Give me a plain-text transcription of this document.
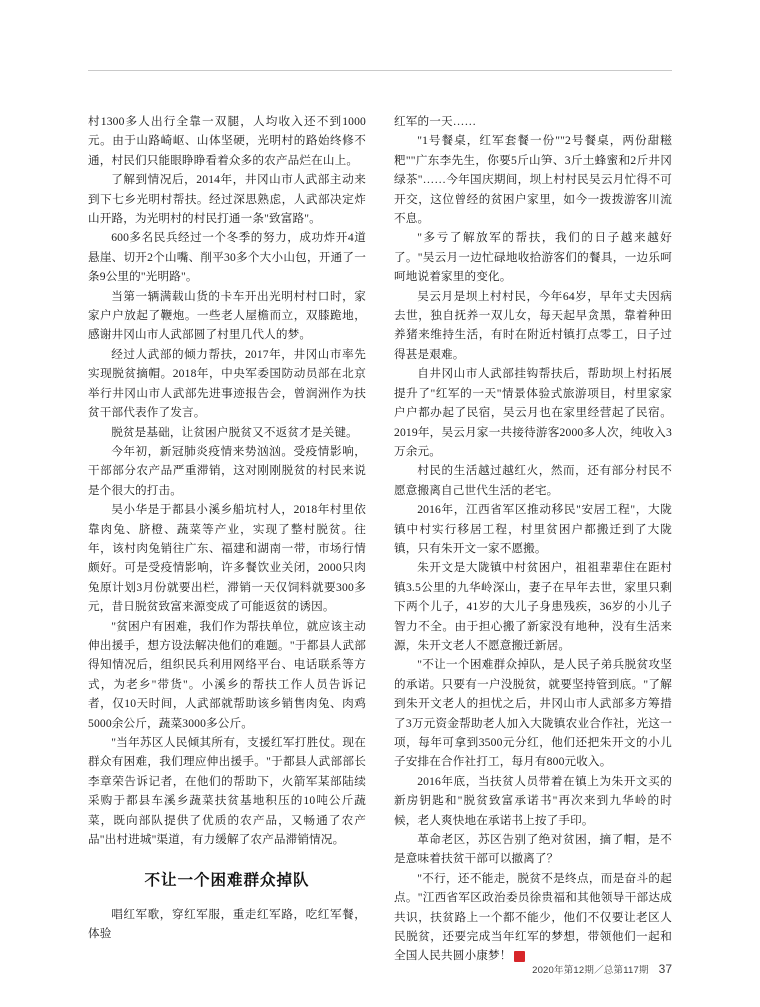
村1300多人出行全靠一双腿，人均收入还不到1000元。由于山路崎岖、山体坚硬，光明村的路始终修不通，村民们只能眼睁睁看着众多的农产品烂在山上。

了解到情况后，2014年，井冈山市人武部主动来到下七乡光明村帮扶。经过深思熟虑，人武部决定炸山开路，为光明村的村民打通一条"致富路"。

600多名民兵经过一个冬季的努力，成功炸开4道悬崖、切开2个山嘴、削平30多个大小山包，开通了一条9公里的"光明路"。

当第一辆满载山货的卡车开出光明村村口时，家家户户放起了鞭炮。一些老人屋檐而立，双膝跪地，感谢井冈山市人武部圆了村里几代人的梦。

经过人武部的倾力帮扶，2017年，井冈山市率先实现脱贫摘帽。2018年，中央军委国防动员部在北京举行井冈山市人武部先进事迹报告会，曾润洲作为扶贫干部代表作了发言。

脱贫是基础，让贫困户脱贫又不返贫才是关键。

今年初，新冠肺炎疫情来势汹汹。受疫情影响，干部部分农产品严重滞销，这对刚刚脱贫的村民来说是个很大的打击。

吴小华是于都县小溪乡船坑村人，2018年村里依靠肉兔、脐橙、蔬菜等产业，实现了整村脱贫。往年，该村肉兔销往广东、福建和湖南一带，市场行情颇好。可是受疫情影响，许多餐饮业关闭，2000只肉兔原计划3月份就要出栏，滞销一天仅饲料就要300多元，昔日脱贫致富来源变成了可能返贫的诱因。

"贫困户有困难，我们作为帮扶单位，就应该主动伸出援手，想方设法解决他们的难题。"于都县人武部得知情况后，组织民兵利用网络平台、电话联系等方式，为老乡"带货"。小溪乡的帮扶工作人员告诉记者，仅10天时间，人武部就帮助该乡销售肉兔、肉鸡5000余公斤，蔬菜3000多公斤。

"当年苏区人民倾其所有，支援红军打胜仗。现在群众有困难，我们理应伸出援手。"于都县人武部部长李章荣告诉记者，在他们的帮助下，火箭军某部陆续采购于都县车溪乡蔬菜扶贫基地积压的10吨公斤蔬菜，既向部队提供了优质的农产品，又畅通了农产品"出村进城"渠道，有力缓解了农产品滞销情况。

不让一个困难群众掉队

唱红军歌，穿红军服，重走红军路，吃红军餐，体验

红军的一天……

"1号餐桌，红军套餐一份""2号餐桌，两份甜糍粑""广东李先生，你要5斤山笋、3斤土蜂蜜和2斤井冈绿茶"……今年国庆期间，坝上村村民吴云月忙得不可开交，这位曾经的贫困户家里，如今一拨拨游客川流不息。

"多亏了解放军的帮扶，我们的日子越来越好了。"吴云月一边忙碌地收拾游客们的餐具，一边乐呵呵地说着家里的变化。

吴云月是坝上村村民，今年64岁，早年丈夫因病去世，独自抚养一双儿女，每天起早贪黑，靠着种田养猪来维持生活，有时在附近村镇打点零工，日子过得甚是艰难。

自井冈山市人武部挂钩帮扶后，帮助坝上村拓展提升了"红军的一天"情景体验式旅游项目，村里家家户户都办起了民宿，吴云月也在家里经营起了民宿。2019年，吴云月家一共接待游客2000多人次，纯收入3万余元。

村民的生活越过越红火，然而，还有部分村民不愿意搬离自己世代生活的老宅。

2016年，江西省军区推动移民"安居工程"，大陇镇中村实行移居工程，村里贫困户都搬迁到了大陇镇，只有朱开文一家不愿搬。

朱开文是大陇镇中村贫困户，祖祖辈辈住在距村镇3.5公里的九华岭深山，妻子在早年去世，家里只剩下两个儿子，41岁的大儿子身患残疾，36岁的小儿子智力不全。由于担心搬了新家没有地种，没有生活来源，朱开文老人不愿意搬迁新居。

"不让一个困难群众掉队，是人民子弟兵脱贫攻坚的承诺。只要有一户没脱贫，就要坚持管到底。"了解到朱开文老人的担忧之后，井冈山市人武部多方筹措了3万元资金帮助老人加入大陇镇农业合作社，光这一项，每年可拿到3500元分红，他们还把朱开文的小儿子安排在合作社打工，每月有800元收入。

2016年底，当扶贫人员带着在镇上为朱开文买的新房钥匙和"脱贫致富承诺书"再次来到九华岭的时候，老人爽快地在承诺书上按了手印。

革命老区，苏区告别了绝对贫困，摘了帽，是不是意味着扶贫干部可以撤离了？

"不行，还不能走，脱贫不是终点，而是奋斗的起点。"江西省军区政治委员徐贵福和其他领导干部达成共识，扶贫路上一个都不能少，他们不仅要让老区人民脱贫，还要完成当年红军的梦想，带领他们一起和全国人民共圆小康梦！	C

2020年第12期／总第117期 37
